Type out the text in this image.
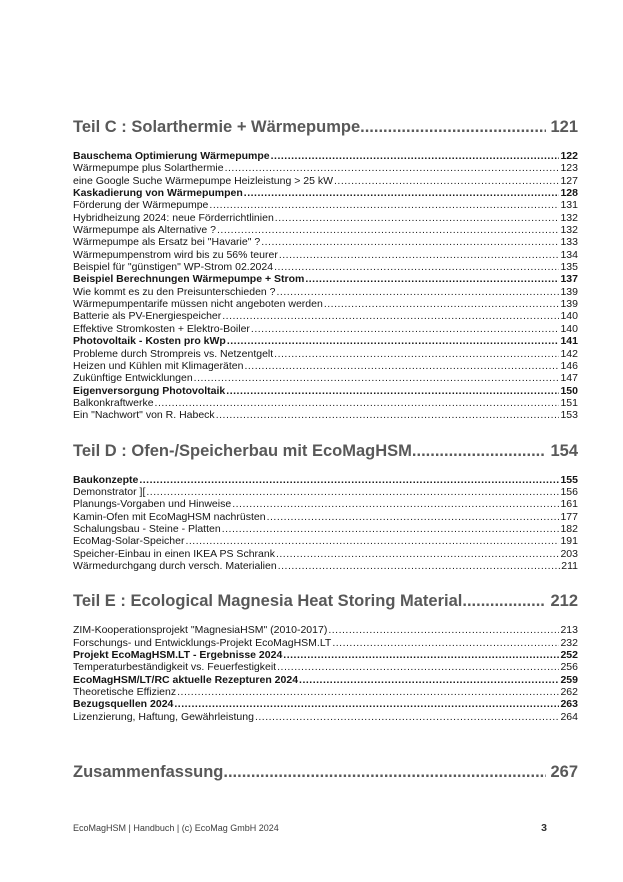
Teil C : Solarthermie + Wärmepumpe .....	121
Bauschema Optimierung Wärmepumpe .....	122
Wärmepumpe plus Solarthermie .....	123
eine Google Suche Wärmepumpe Heizleistung > 25 kW .....	127
Kaskadierung von Wärmepumpen .....	128
Förderung der Wärmepumpe .....	131
Hybridheizung 2024: neue Förderrichtlinien .....	132
Wärmepumpe als Alternative ? .....	132
Wärmepumpe als Ersatz bei "Havarie" ? .....	133
Wärmepumpenstrom wird bis zu 56% teurer .....	134
Beispiel für "günstigen" WP-Strom 02.2024 .....	135
Beispiel Berechnungen Wärmepumpe + Strom .....	137
Wie kommt es zu den Preisunterschieden ? .....	139
Wärmepumpentarife müssen nicht angeboten werden .....	139
Batterie als PV-Energiespeicher .....	140
Effektive Stromkosten + Elektro-Boiler .....	140
Photovoltaik - Kosten pro kWp .....	141
Probleme durch Strompreis vs. Netzentgelt .....	142
Heizen und Kühlen mit Klimageräten .....	146
Zukünftige Entwicklungen .....	147
Eigenversorgung Photovoltaik .....	150
Balkonkraftwerke .....	151
Ein "Nachwort" von R. Habeck .....	153
Teil D : Ofen-/Speicherbau mit EcoMagHSM .....	154
Baukonzepte .....	155
Demonstrator ][ .....	156
Planungs-Vorgaben und Hinweise .....	161
Kamin-Ofen mit EcoMagHSM nachrüsten .....	177
Schalungsbau - Steine - Platten .....	182
EcoMag-Solar-Speicher .....	191
Speicher-Einbau in einen IKEA PS Schrank .....	203
Wärmedurchgang durch versch. Materialien .....	211
Teil E : Ecological Magnesia Heat Storing Material .....	212
ZIM-Kooperationsprojekt "MagnesiaHSM" (2010-2017) .....	213
Forschungs- und Entwicklungs-Projekt EcoMagHSM.LT .....	232
Projekt EcoMagHSM.LT - Ergebnisse 2024 .....	252
Temperaturbeständigkeit vs. Feuerfestigkeit .....	256
EcoMagHSM/LT/RC aktuelle Rezepturen 2024 .....	259
Theoretische Effizienz .....	262
Bezugsquellen 2024 .....	263
Lizenzierung, Haftung, Gewährleistung .....	264
Zusammenfassung .....	267
EcoMagHSM | Handbuch | (c) EcoMag GmbH 2024	3
